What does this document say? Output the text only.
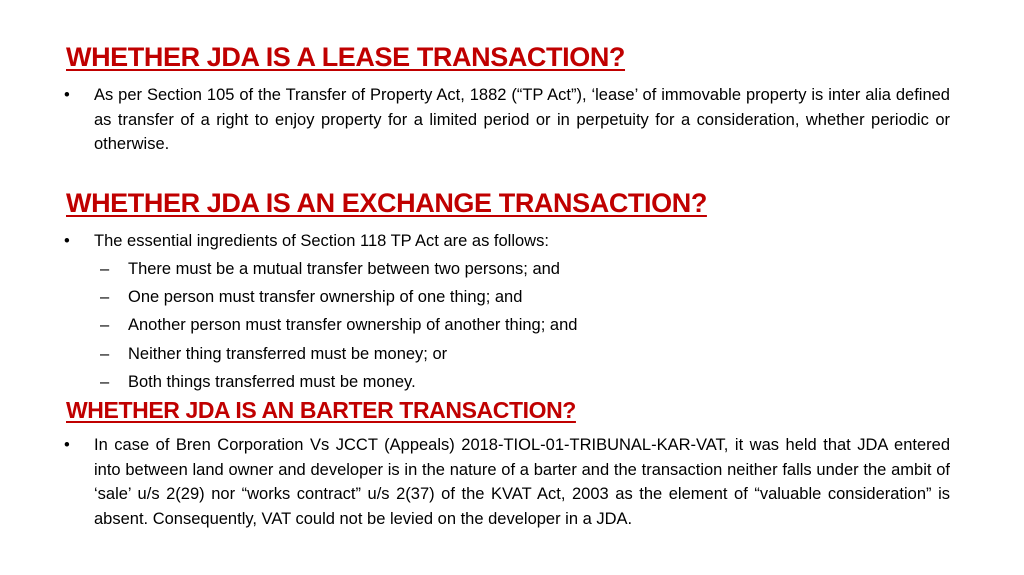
WHETHER JDA IS A LEASE TRANSACTION?
•	As per Section 105 of the Transfer of Property Act, 1882 (“TP Act”), ‘lease’ of immovable property is inter alia defined as transfer of a right to enjoy property for a limited period or in perpetuity for a consideration, whether periodic or otherwise.
WHETHER JDA IS AN EXCHANGE TRANSACTION?
•	The essential ingredients of Section 118 TP Act are as follows:
–	There must be a mutual transfer between two persons; and
–	One person must transfer ownership of one thing; and
–	Another person must transfer ownership of another thing; and
–	Neither thing transferred must be money; or
–	Both things transferred must be money.
WHETHER JDA IS AN BARTER TRANSACTION?
•	In case of Bren Corporation Vs JCCT (Appeals) 2018-TIOL-01-TRIBUNAL-KAR-VAT, it was held that JDA entered into between land owner and developer is in the nature of a barter and the transaction neither falls under the ambit of ‘sale’ u/s 2(29) nor “works contract” u/s 2(37) of the KVAT Act, 2003 as the element of “valuable consideration” is absent. Consequently, VAT could not be levied on the developer in a JDA.
